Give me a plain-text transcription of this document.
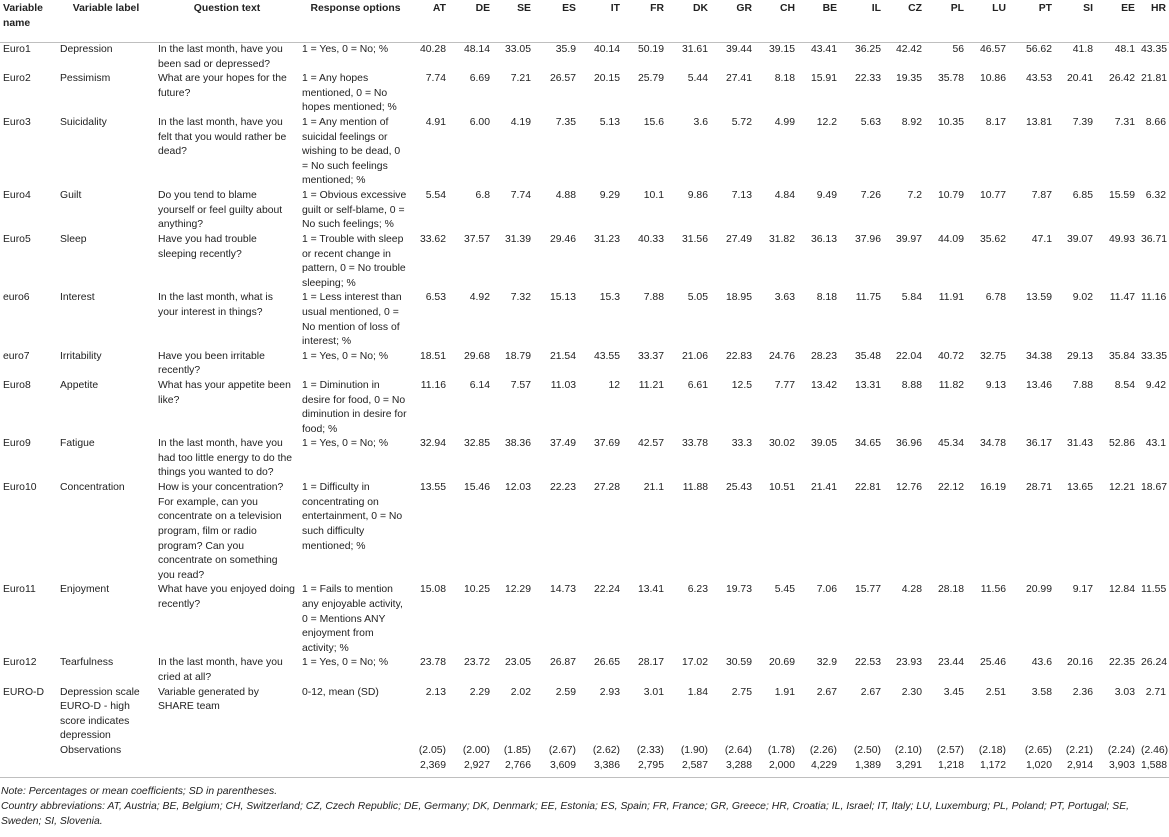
Variable name	Variable label	Question text	Response options	AT	DE	SE	ES	IT	FR	DK	GR	CH	BE	IL	CZ	PL	LU	PT	SI	EE	HR
Euro1	Depression	In the last month, have you been sad or depressed?	1 = Yes, 0 = No; %	40.28	48.14	33.05	35.9	40.14	50.19	31.61	39.44	39.15	43.41	36.25	42.42	56	46.57	56.62	41.8	48.1	43.35
Euro2	Pessimism	What are your hopes for the future?	1 = Any hopes mentioned, 0 = No hopes mentioned; %	7.74	6.69	7.21	26.57	20.15	25.79	5.44	27.41	8.18	15.91	22.33	19.35	35.78	10.86	43.53	20.41	26.42	21.81
Euro3	Suicidality	In the last month, have you felt that you would rather be dead?	1 = Any mention of suicidal feelings or wishing to be dead, 0 = No such feelings mentioned; %	4.91	6.00	4.19	7.35	5.13	15.6	3.6	5.72	4.99	12.2	5.63	8.92	10.35	8.17	13.81	7.39	7.31	8.66
Euro4	Guilt	Do you tend to blame yourself or feel guilty about anything?	1 = Obvious excessive guilt or self-blame, 0 = No such feelings; %	5.54	6.8	7.74	4.88	9.29	10.1	9.86	7.13	4.84	9.49	7.26	7.2	10.79	10.77	7.87	6.85	15.59	6.32
Euro5	Sleep	Have you had trouble sleeping recently?	1 = Trouble with sleep or recent change in pattern, 0 = No trouble sleeping; %	33.62	37.57	31.39	29.46	31.23	40.33	31.56	27.49	31.82	36.13	37.96	39.97	44.09	35.62	47.1	39.07	49.93	36.71
euro6	Interest	In the last month, what is your interest in things?	1 = Less interest than usual mentioned, 0 = No mention of loss of interest; %	6.53	4.92	7.32	15.13	15.3	7.88	5.05	18.95	3.63	8.18	11.75	5.84	11.91	6.78	13.59	9.02	11.47	11.16
euro7	Irritability	Have you been irritable recently?	1 = Yes, 0 = No; %	18.51	29.68	18.79	21.54	43.55	33.37	21.06	22.83	24.76	28.23	35.48	22.04	40.72	32.75	34.38	29.13	35.84	33.35
Euro8	Appetite	What has your appetite been like?	1 = Diminution in desire for food, 0 = No diminution in desire for food; %	11.16	6.14	7.57	11.03	12	11.21	6.61	12.5	7.77	13.42	13.31	8.88	11.82	9.13	13.46	7.88	8.54	9.42
Euro9	Fatigue	In the last month, have you had too little energy to do the things you wanted to do?	1 = Yes, 0 = No; %	32.94	32.85	38.36	37.49	37.69	42.57	33.78	33.3	30.02	39.05	34.65	36.96	45.34	34.78	36.17	31.43	52.86	43.1
Euro10	Concentration	How is your concentration? For example, can you concentrate on a television program, film or radio program? Can you concentrate on something you read?	1 = Difficulty in concentrating on entertainment, 0 = No such difficulty mentioned; %	13.55	15.46	12.03	22.23	27.28	21.1	11.88	25.43	10.51	21.41	22.81	12.76	22.12	16.19	28.71	13.65	12.21	18.67
Euro11	Enjoyment	What have you enjoyed doing recently?	1 = Fails to mention any enjoyable activity, 0 = Mentions ANY enjoyment from activity; %	15.08	10.25	12.29	14.73	22.24	13.41	6.23	19.73	5.45	7.06	15.77	4.28	28.18	11.56	20.99	9.17	12.84	11.55
Euro12	Tearfulness	In the last month, have you cried at all?	1 = Yes, 0 = No; %	23.78	23.72	23.05	26.87	26.65	28.17	17.02	30.59	20.69	32.9	22.53	23.93	23.44	25.46	43.6	20.16	22.35	26.24
EURO-D	Depression scale EURO-D - high score indicates depression	Variable generated by SHARE team	0-12, mean (SD)	2.13	2.29	2.02	2.59	2.93	3.01	1.84	2.75	1.91	2.67	2.67	2.30	3.45	2.51	3.58	2.36	3.03	2.71
				(2.05)	(2.00)	(1.85)	(2.67)	(2.62)	(2.33)	(1.90)	(2.64)	(1.78)	(2.26)	(2.50)	(2.10)	(2.57)	(2.18)	(2.65)	(2.21)	(2.24)	(2.46)
	Observations			2,369	2,927	2,766	3,609	3,386	2,795	2,587	3,288	2,000	4,229	1,389	3,291	1,218	1,172	1,020	2,914	3,903	1,588
Note: Percentages or mean coefficients; SD in parentheses.
Country abbreviations: AT, Austria; BE, Belgium; CH, Switzerland; CZ, Czech Republic; DE, Germany; DK, Denmark; EE, Estonia; ES, Spain; FR, France; GR, Greece; HR, Croatia; IL, Israel; IT, Italy; LU, Luxemburg; PL, Poland; PT, Portugal; SE, Sweden; SI, Slovenia.
